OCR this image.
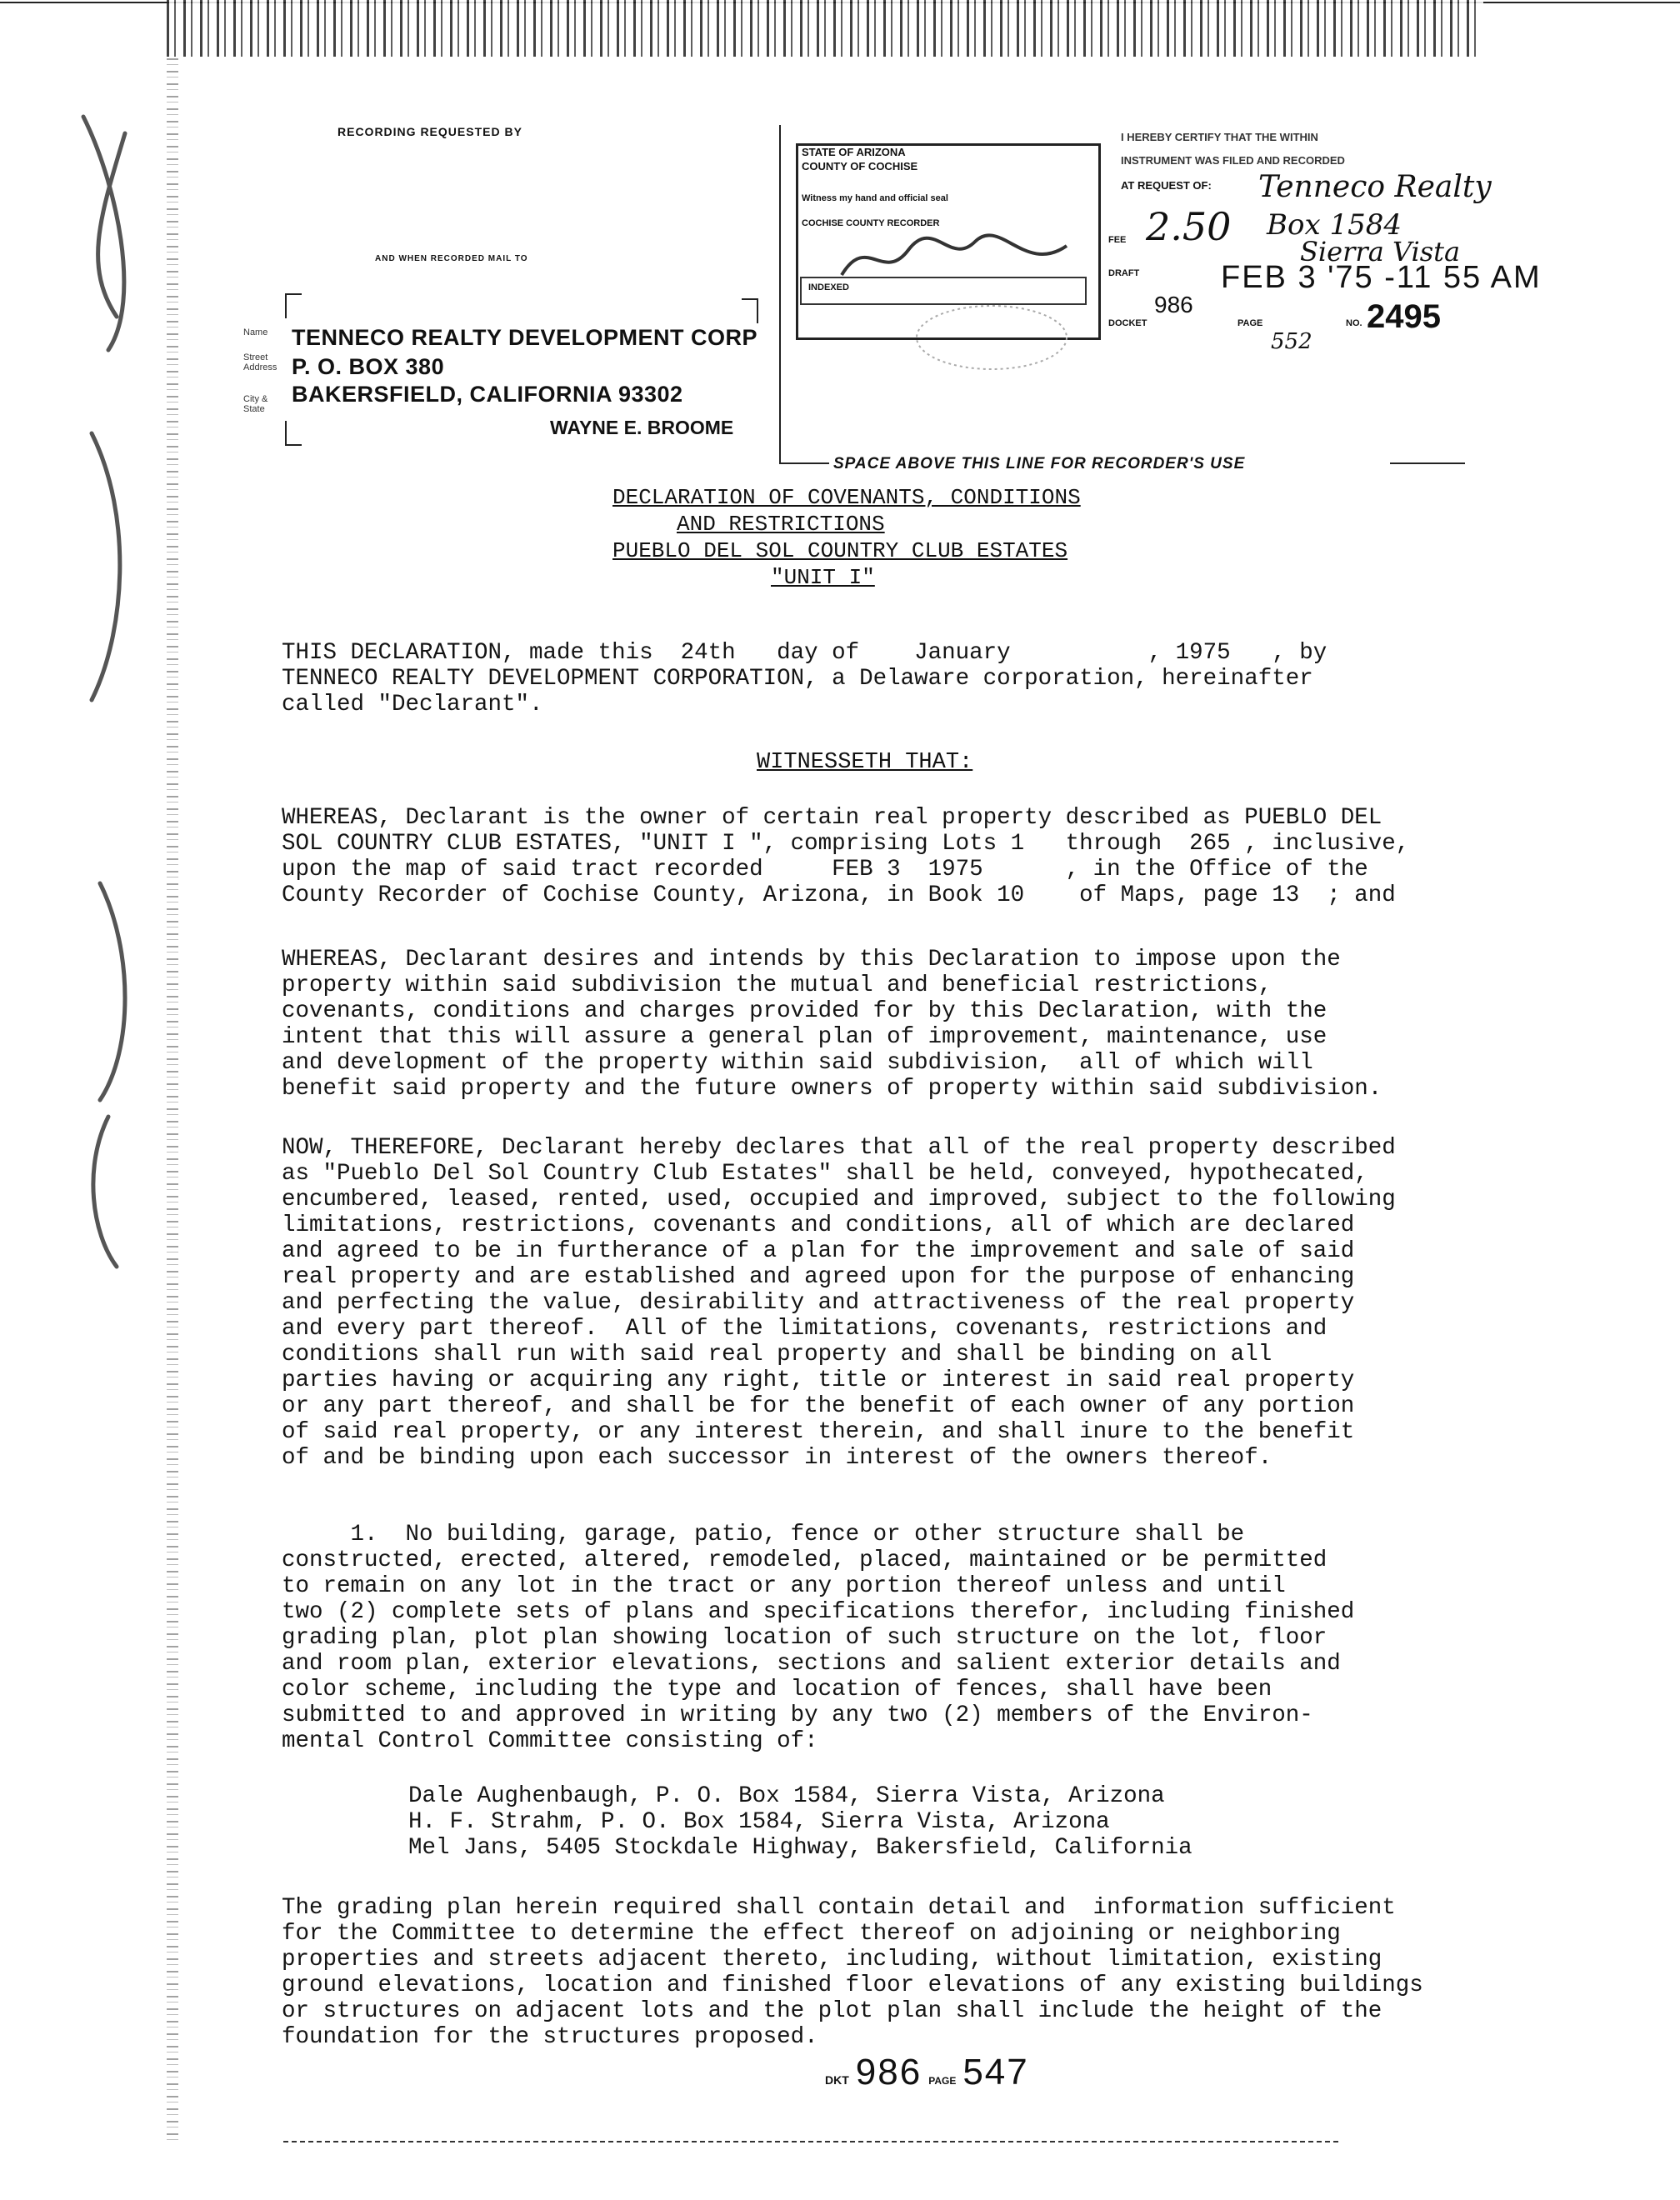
RECORDING REQUESTED BY
AND WHEN RECORDED MAIL TO
Name
Street Address
City & State
TENNECO REALTY DEVELOPMENT CORP
P. O. BOX 380
BAKERSFIELD, CALIFORNIA 93302
WAYNE E. BROOME
SPACE ABOVE THIS LINE FOR RECORDER'S USE
STATE OF ARIZONA
COUNTY OF COCHISE
Witness my hand and official seal
COCHISE COUNTY RECORDER
INDEXED
I HEREBY CERTIFY THAT THE WITHIN
INSTRUMENT WAS FILED AND RECORDED
AT REQUEST OF: Tenneco Realty
FEE 2.50 Box 1584
Sierra Vista
DRAFT
DOCKET
986
FEB 3 '75 -11 55 AM
PAGE
552
NO. 2495
DECLARATION OF COVENANTS, CONDITIONS
AND RESTRICTIONS
PUEBLO DEL SOL COUNTRY CLUB ESTATES
"UNIT I"
THIS DECLARATION, made this  24th   day of    January          , 1975   , by
TENNECO REALTY DEVELOPMENT CORPORATION, a Delaware corporation, hereinafter
called "Declarant".
WITNESSETH THAT:
WHEREAS, Declarant is the owner of certain real property described as PUEBLO DEL
SOL COUNTRY CLUB ESTATES, "UNIT I ", comprising Lots 1   through  265 , inclusive,
upon the map of said tract recorded     FEB 3  1975      , in the Office of the
County Recorder of Cochise County, Arizona, in Book 10    of Maps, page 13  ; and
WHEREAS, Declarant desires and intends by this Declaration to impose upon the
property within said subdivision the mutual and beneficial restrictions,
covenants, conditions and charges provided for by this Declaration, with the
intent that this will assure a general plan of improvement, maintenance, use
and development of the property within said subdivision,  all of which will
benefit said property and the future owners of property within said subdivision.
NOW, THEREFORE, Declarant hereby declares that all of the real property described
as "Pueblo Del Sol Country Club Estates" shall be held, conveyed, hypothecated,
encumbered, leased, rented, used, occupied and improved, subject to the following
limitations, restrictions, covenants and conditions, all of which are declared
and agreed to be in furtherance of a plan for the improvement and sale of said
real property and are established and agreed upon for the purpose of enhancing
and perfecting the value, desirability and attractiveness of the real property
and every part thereof.  All of the limitations, covenants, restrictions and
conditions shall run with said real property and shall be binding on all
parties having or acquiring any right, title or interest in said real property
or any part thereof, and shall be for the benefit of each owner of any portion
of said real property, or any interest therein, and shall inure to the benefit
of and be binding upon each successor in interest of the owners thereof.
1.  No building, garage, patio, fence or other structure shall be
constructed, erected, altered, remodeled, placed, maintained or be permitted
to remain on any lot in the tract or any portion thereof unless and until
two (2) complete sets of plans and specifications therefor, including finished
grading plan, plot plan showing location of such structure on the lot, floor
and room plan, exterior elevations, sections and salient exterior details and
color scheme, including the type and location of fences, shall have been
submitted to and approved in writing by any two (2) members of the Environ-
mental Control Committee consisting of:
Dale Aughenbaugh, P. O. Box 1584, Sierra Vista, Arizona
H. F. Strahm, P. O. Box 1584, Sierra Vista, Arizona
Mel Jans, 5405 Stockdale Highway, Bakersfield, California
The grading plan herein required shall contain detail and  information sufficient
for the Committee to determine the effect thereof on adjoining or neighboring
properties and streets adjacent thereto, including, without limitation, existing
ground elevations, location and finished floor elevations of any existing buildings
or structures on adjacent lots and the plot plan shall include the height of the
foundation for the structures proposed.
DKT 986 PAGE 547
